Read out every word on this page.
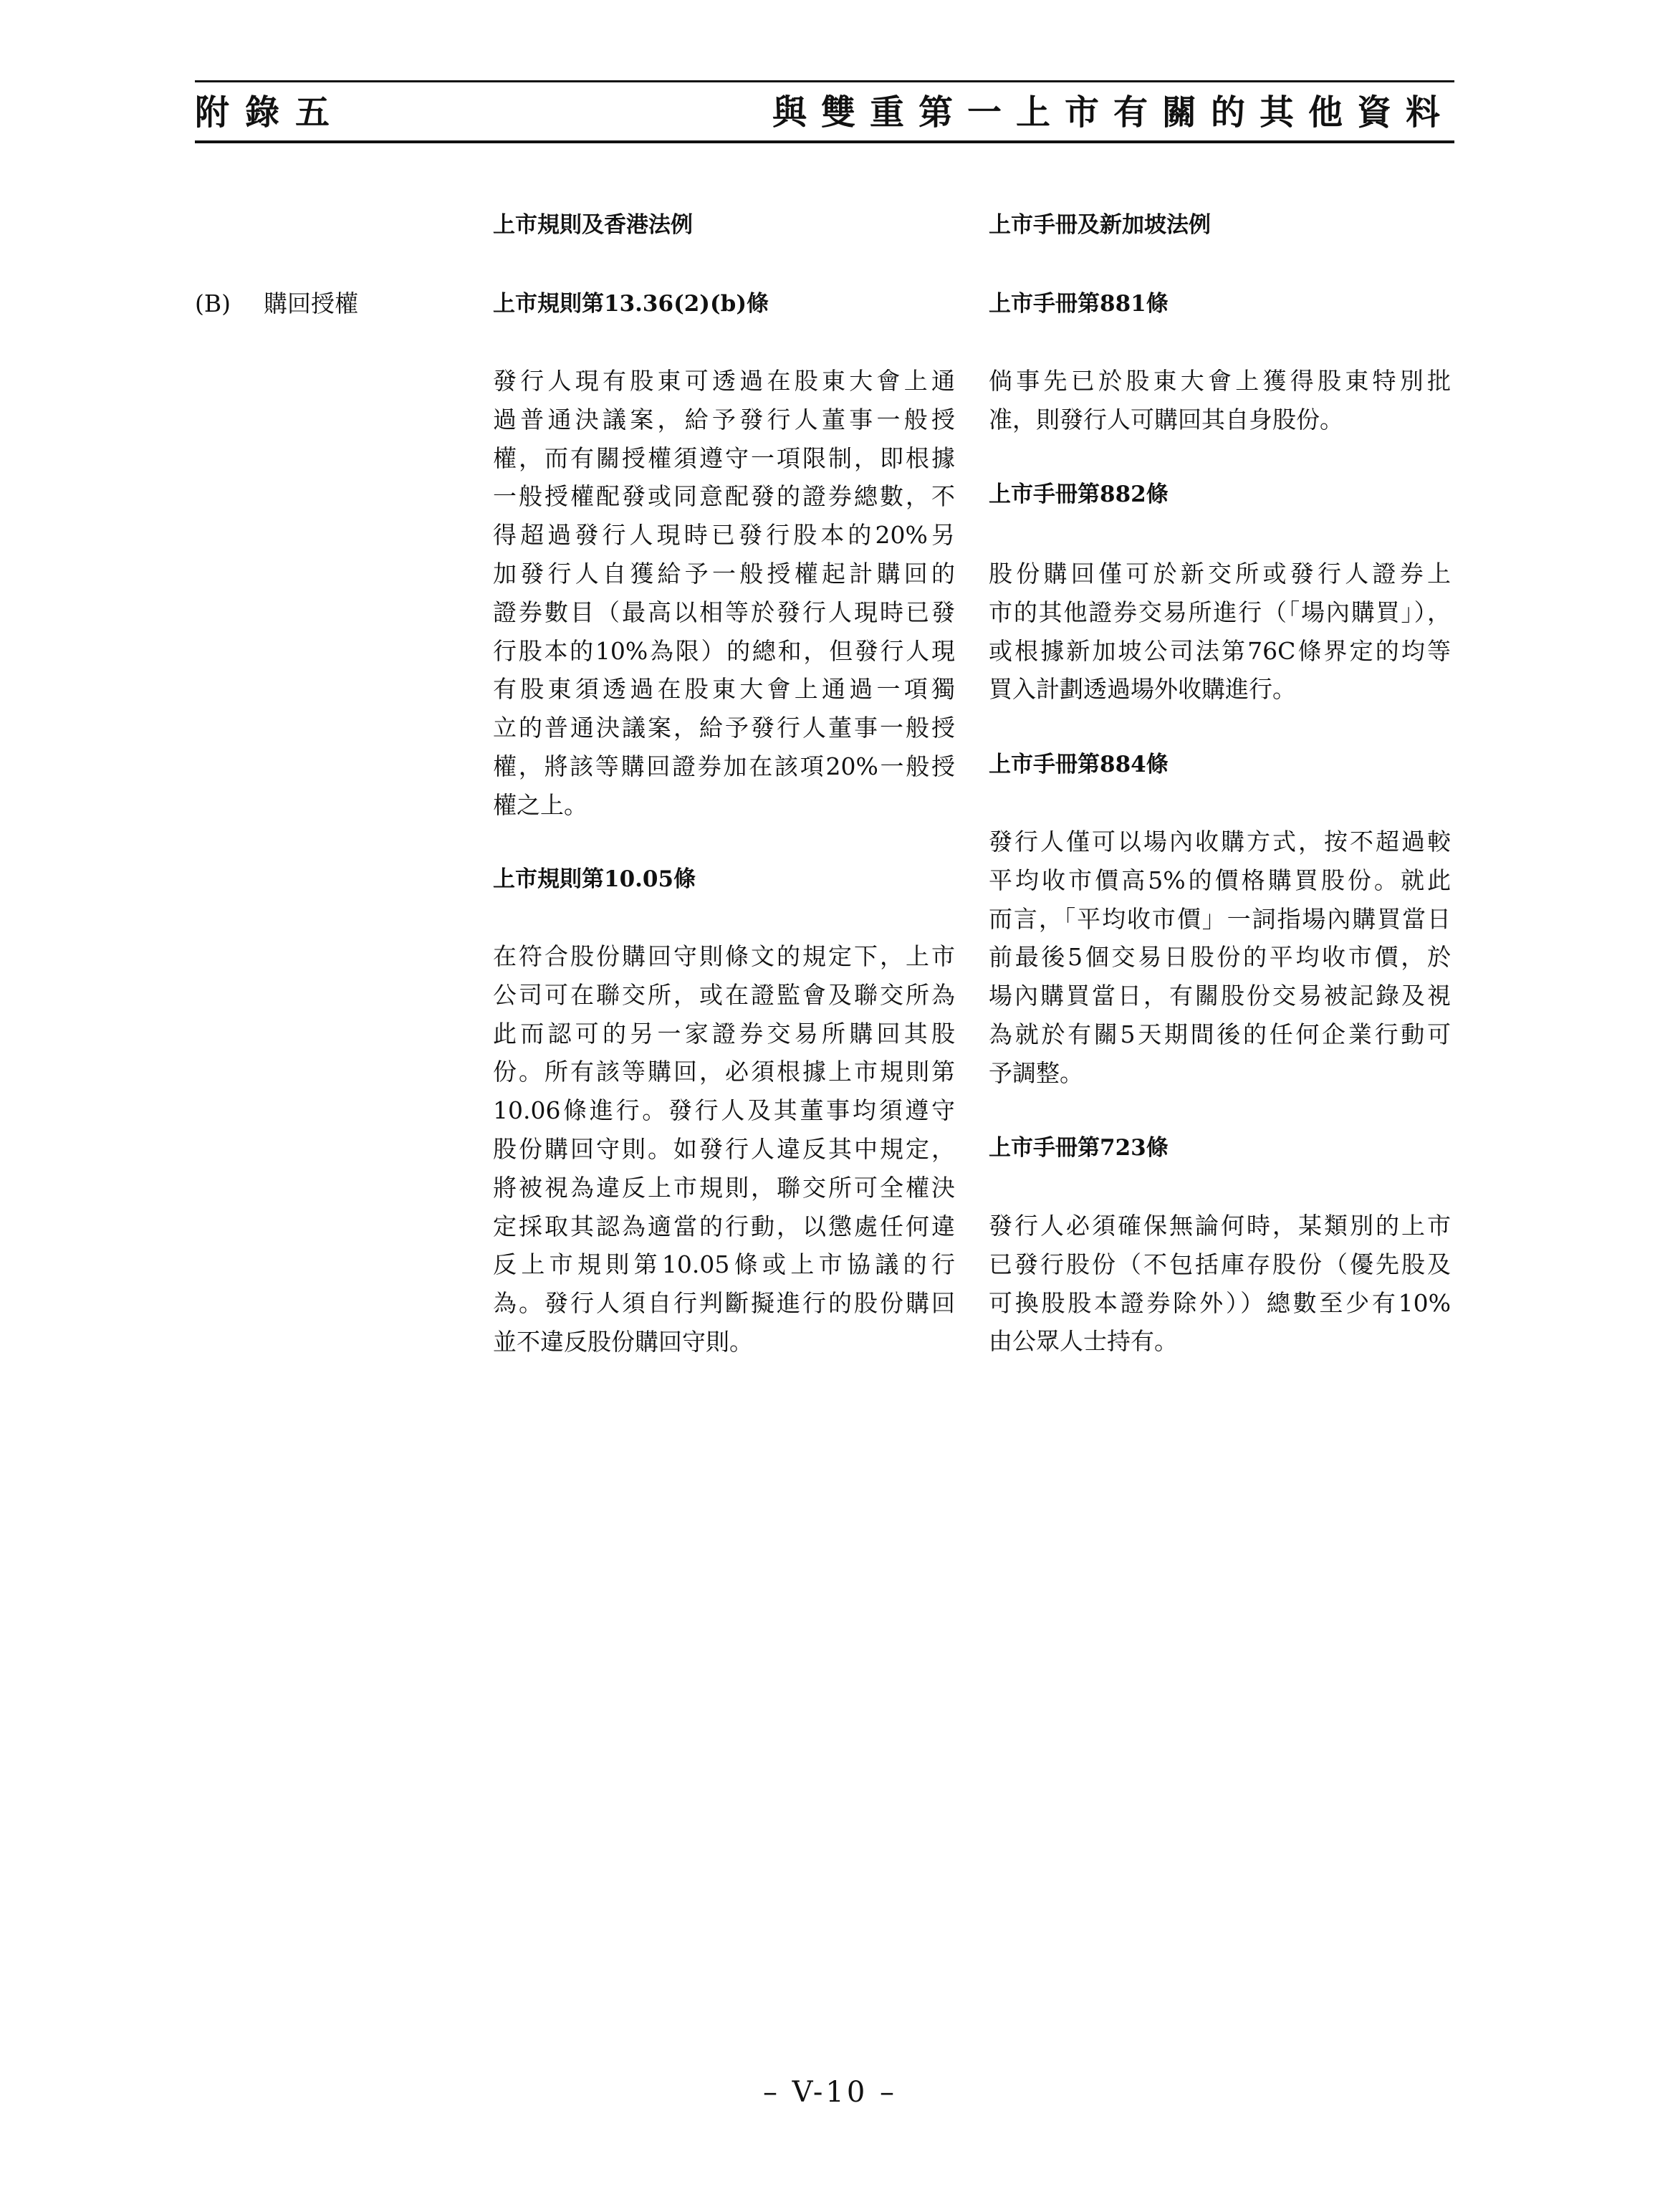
附錄五	與雙重第一上市有關的其他資料
(B) 購回授權
上市規則及香港法例
上市規則第13.36(2)(b)條
發行人現有股東可透過在股東大會上通
過普通決議案，給予發行人董事一般授
權，而有關授權須遵守一項限制，即根據
一般授權配發或同意配發的證券總數，不
得超過發行人現時已發行股本的20%另
加發行人自獲給予一般授權起計購回的
證券數目（最高以相等於發行人現時已發
行股本的10%為限）的總和，但發行人現
有股東須透過在股東大會上通過一項獨
立的普通決議案，給予發行人董事一般授
權，將該等購回證券加在該項20%一般授
權之上。
上市規則第10.05條
在符合股份購回守則條文的規定下，上市
公司可在聯交所，或在證監會及聯交所為
此而認可的另一家證券交易所購回其股
份。所有該等購回，必須根據上市規則第
10.06條進行。發行人及其董事均須遵守
股份購回守則。如發行人違反其中規定，
將被視為違反上市規則，聯交所可全權決
定採取其認為適當的行動，以懲處任何違
反上市規則第10.05條或上市協議的行
為。發行人須自行判斷擬進行的股份購回
並不違反股份購回守則。
上市手冊及新加坡法例
上市手冊第881條
倘事先已於股東大會上獲得股東特別批
准，則發行人可購回其自身股份。
上市手冊第882條
股份購回僅可於新交所或發行人證券上
市的其他證券交易所進行（「場內購買」），
或根據新加坡公司法第76C條界定的均等
買入計劃透過場外收購進行。
上市手冊第884條
發行人僅可以場內收購方式，按不超過較
平均收市價高5%的價格購買股份。就此
而言，「平均收市價」一詞指場內購買當日
前最後5個交易日股份的平均收市價，於
場內購買當日，有關股份交易被記錄及視
為就於有關5天期間後的任何企業行動可
予調整。
上市手冊第723條
發行人必須確保無論何時，某類別的上市
已發行股份（不包括庫存股份（優先股及
可換股股本證券除外））總數至少有10%
由公眾人士持有。
– V-10 –
